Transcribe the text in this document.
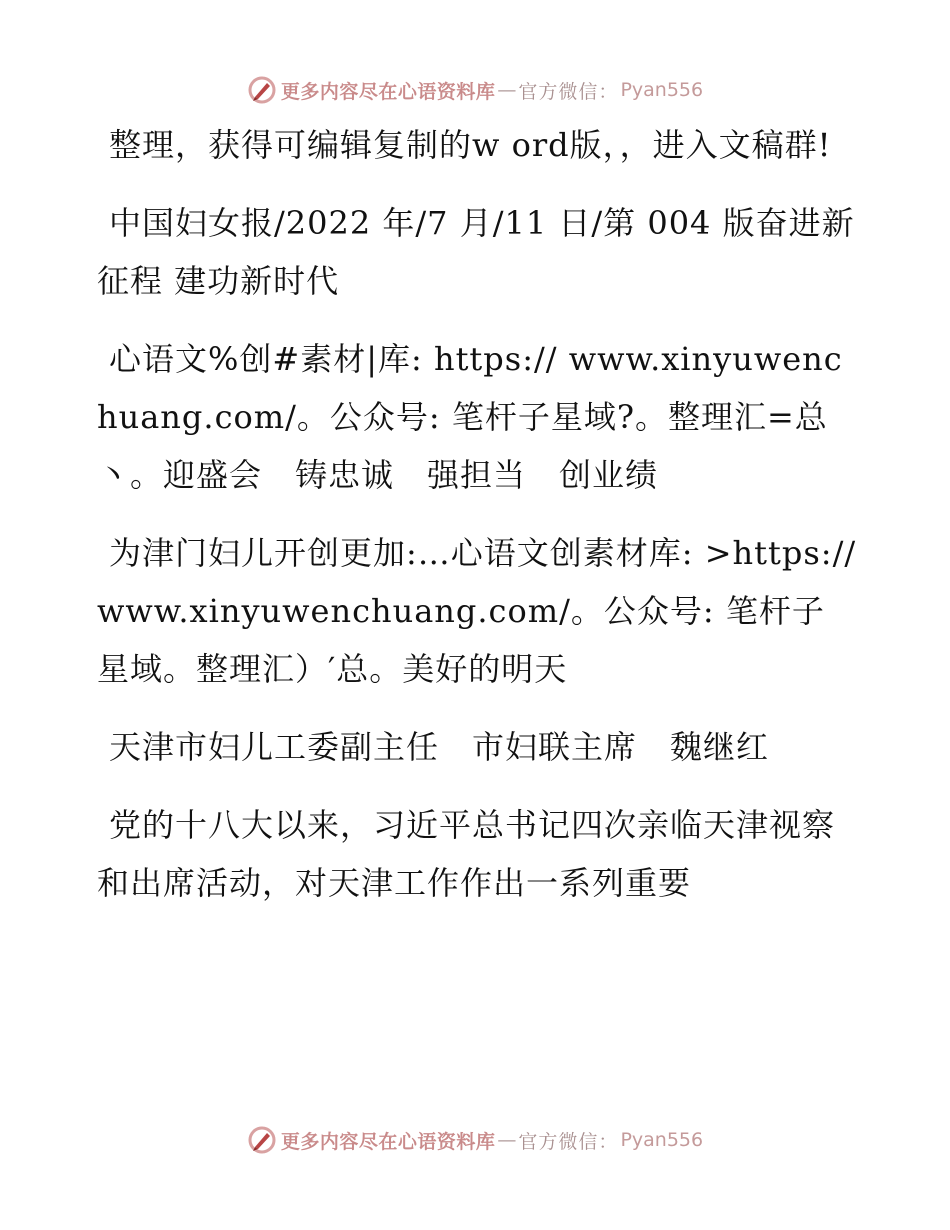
更多内容尽在心语资料库 — 官方微信： Pyan556

整理，获得可编辑复制的w ord版，，进入文稿群!

中国妇女报/2022 年/7 月/11 日/第 004 版奋进新征程 建功新时代

心语文%创#素材|库: https:// www.xinyuwenchuang.com/。公众号: 笔杆子星域?。整理汇=总丶。迎盛会　铸忠诚　强担当　创业绩

为津门妇儿开创更加:…心语文创素材库: >https://www.xinyuwenchuang.com/。公众号: 笔杆子星域。整理汇）′总。美好的明天

天津市妇儿工委副主任　市妇联主席　魏继红

党的十八大以来，习近平总书记四次亲临天津视察和出席活动，对天津工作作出一系列重要

更多内容尽在心语资料库 — 官方微信： Pyan556
